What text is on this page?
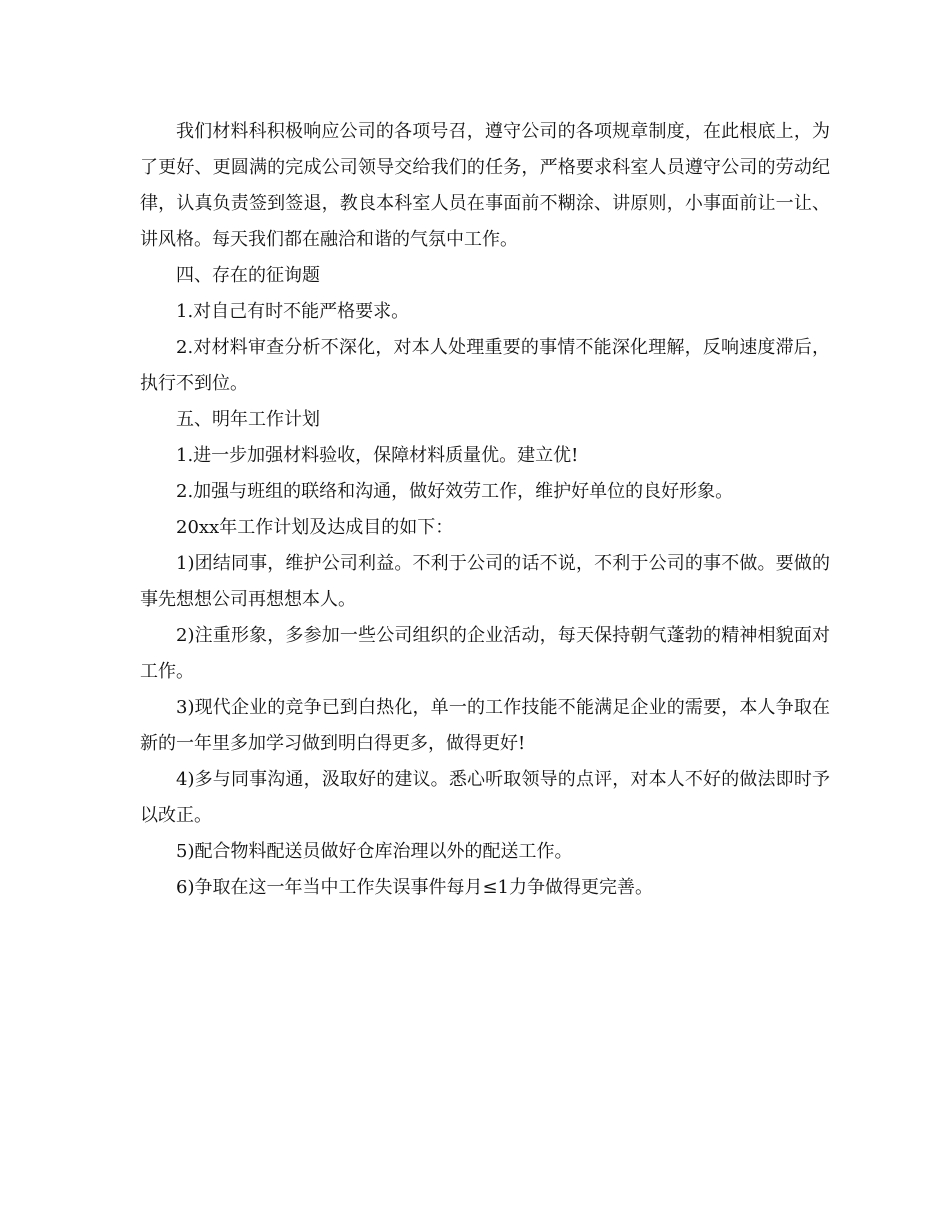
我们材料科积极响应公司的各项号召，遵守公司的各项规章制度，在此根底上，为了更好、更圆满的完成公司领导交给我们的任务，严格要求科室人员遵守公司的劳动纪律，认真负责签到签退，教良本科室人员在事面前不糊涂、讲原则，小事面前让一让、讲风格。每天我们都在融洽和谐的气氛中工作。

四、存在的征询题

1.对自己有时不能严格要求。

2.对材料审查分析不深化，对本人处理重要的事情不能深化理解，反响速度滞后，执行不到位。

五、明年工作计划

1.进一步加强材料验收，保障材料质量优。建立优!

2.加强与班组的联络和沟通，做好效劳工作，维护好单位的良好形象。

20xx年工作计划及达成目的如下：

1)团结同事，维护公司利益。不利于公司的话不说，不利于公司的事不做。要做的事先想想公司再想想本人。

2)注重形象，多参加一些公司组织的企业活动，每天保持朝气蓬勃的精神相貌面对工作。

3)现代企业的竞争已到白热化，单一的工作技能不能满足企业的需要，本人争取在新的一年里多加学习做到明白得更多，做得更好!

4)多与同事沟通，汲取好的建议。悉心听取领导的点评，对本人不好的做法即时予以改正。

5)配合物料配送员做好仓库治理以外的配送工作。

6)争取在这一年当中工作失误事件每月≤1力争做得更完善。
